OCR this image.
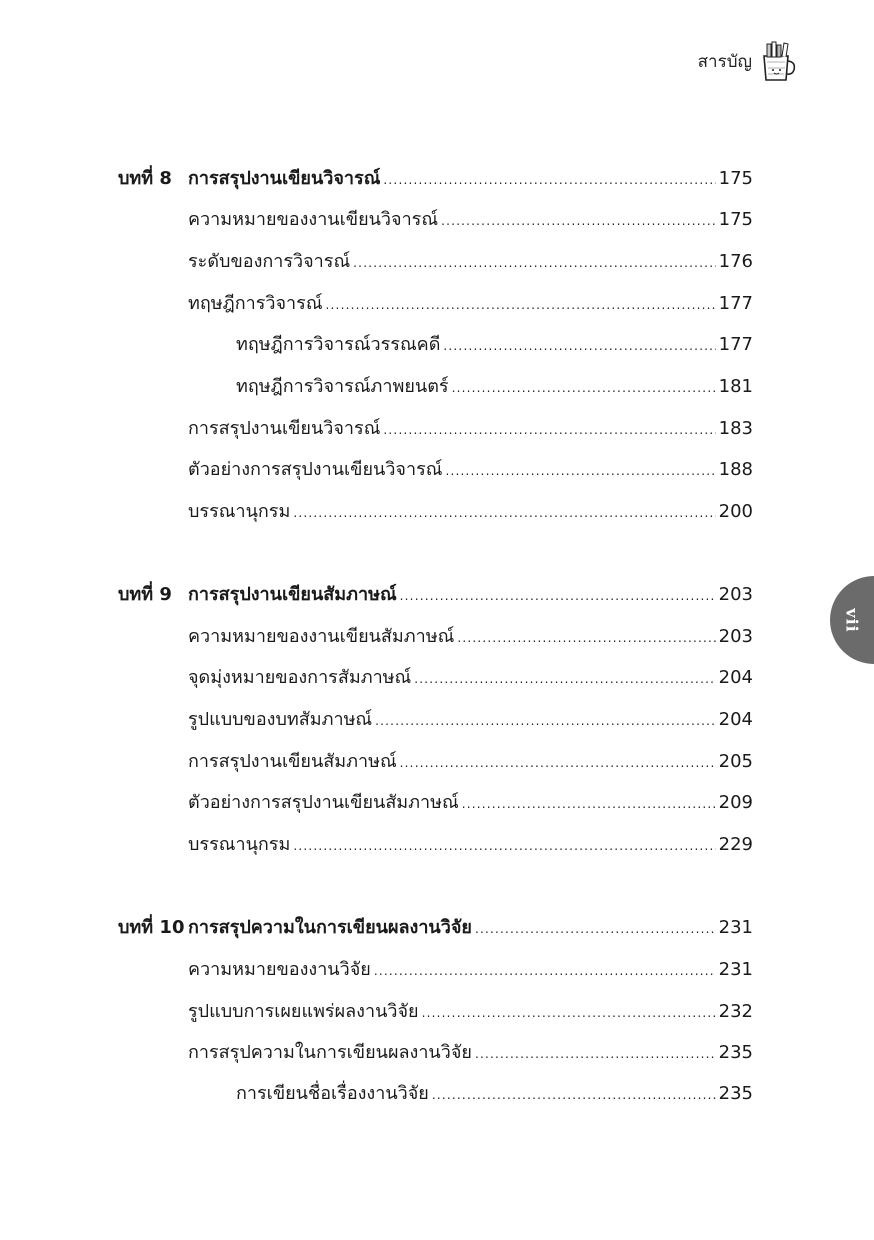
สารบัญ
vii
บทที่ 8 การสรุปงานเขียนวิจารณ์ .....	175
ความหมายของงานเขียนวิจารณ์ .....	175
ระดับของการวิจารณ์ .....	176
ทฤษฎีการวิจารณ์ .....	177
ทฤษฎีการวิจารณ์วรรณคดี .....	177
ทฤษฎีการวิจารณ์ภาพยนตร์ .....	181
การสรุปงานเขียนวิจารณ์ .....	183
ตัวอย่างการสรุปงานเขียนวิจารณ์ .....	188
บรรณานุกรม .....	200
บทที่ 9 การสรุปงานเขียนสัมภาษณ์ .....	203
ความหมายของงานเขียนสัมภาษณ์ .....	203
จุดมุ่งหมายของการสัมภาษณ์ .....	204
รูปแบบของบทสัมภาษณ์ .....	204
การสรุปงานเขียนสัมภาษณ์ .....	205
ตัวอย่างการสรุปงานเขียนสัมภาษณ์ .....	209
บรรณานุกรม .....	229
บทที่ 10 การสรุปความในการเขียนผลงานวิจัย .....	231
ความหมายของงานวิจัย .....	231
รูปแบบการเผยแพร่ผลงานวิจัย .....	232
การสรุปความในการเขียนผลงานวิจัย .....	235
การเขียนชื่อเรื่องงานวิจัย .....	235
